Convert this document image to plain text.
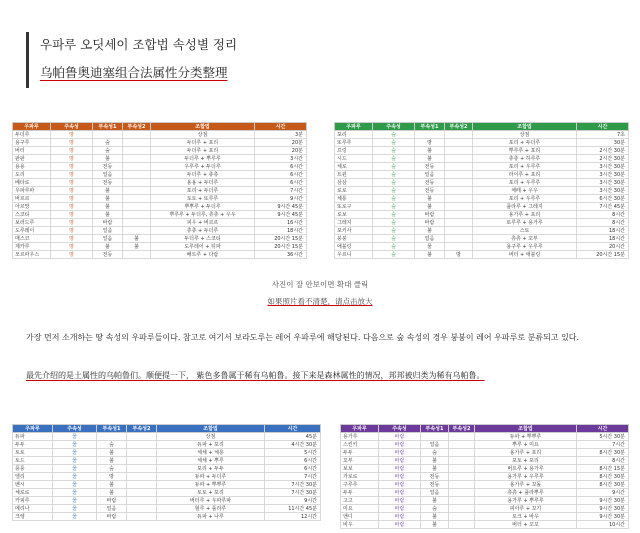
우파루 오딧세이 조합법 속성별 정리
乌帕鲁奥迪塞组合法属性分类整理
우파루	주속성	부속성1	부속성2	조합법	시간
두더루	땅			상점	3분
용구루	땅	숲		두더루 + 포리	20분
버터	땅	숲		두더루 + 포리	20분
판판	땅	불		두더루 + 뿌루루	3시간
용용	땅	전등		우루루 + 두더루	6시간
도리	땅	얼음		두더루 + 츄츄	6시간
베타로	땅	전등		용용 + 두더루	6시간
우파루파	땅	불		포리 + 두더루	7시간
버르르	땅	불		토토 + 또루루	9시간
아르망	땅	불		뿌뿌루 + 두더루	9시간 45분
스코티	땅	불		뿌루루 + 두더루, 츄츄 + 우우	9시간 45분
보러드루	땅	바람		피우 + 버르르	16시간
도루레이	땅	얼음		츄츄 + 두더루	18시간
매스코	땅	얼음	불	두더루 + 스코티	20시간 15분
제카루	땅	불	불	도루레이 + 뒤파	20시간 15분
모르파우스	땅	전등		베트루 + 다람	36시간
우파루	주속성	부속성1	부속성2	조합법	시간
포리	숲			상점	7초
또루루	숲	땅		포리 + 두더루	30분
프링	숲	불		뿌루루 + 포리	2시간 30분
시드	숲	불		츄츄 + 하루루	2시간 30분
체로	숲	전등		포리 + 우루루	3시간 30분
트윈	숲	얼음		라이루 + 포리	3시간 30분
삼삼	숲	전등		포리 + 우루루	3시간 30분
로로	숲	전등		체떼 + 우우	3시간 30분
체롱	숲	불		포리 + 우루루	6시간 30분
또로구	숲	불		플라루 + 그레지	7시간 45분
로보	숲	바람		용가루 + 포리	8시간
그레지	숲	바람		또루루 + 용가루	8시간
포키사	숲	불		스토	18시간
붕붕	숲	얼음		츄츄 + 꼬부	18시간
애블링	숲	물		용구루 + 우루루	20시간
우르니	숲	불	땅	버터 + 애블링	20시간 15분
사진이 잘 안보이면 확대 클릭
如果照片看不清楚，请点击放大
가장 먼저 소개하는 땅 속성의 우파루들이다. 참고로 여기서 보라도루는 레어 우파루에 해당된다. 다음으로 숲 속성의 경우 붕붕이 레어 우파루로 분류되고 있다.
最先介绍的是土属性的乌帕鲁们。顺便提一下， 紫色多鲁属于稀有乌帕鲁。接下来是森林属性的情况，邦邦被归类为稀有乌帕鲁。
우파루	주속성	부속성1	부속성2	조합법	시간
듀파	물			상점	45분
두두	물	숲		듀파 + 포리	4시간 30분
토토	물	불		체체 + 체롱	5시간
토드	물	불		체체 + 뿌루	6시간
풍풍	물	숲		포리 + 두두	6시간
엘리	물	땅		듀파 + 두더루	7시간
벤시	물	불		듀파 + 뿌뿌루	7시간 30분
체로로	물	불		토토 + 포리	7시간 30분
카피루	물	바람		버터루 + 우파루파	9시간
메리나	물	얼음		헐루 + 플라루	11시간 45분
크렝	물	바람		듀파 + 나루	12시간
우파루	주속성	부속성1	부속성2	조합법	시간
용가루	바람			듀파 + 뿌뿌루	5시간 30분
스킨키	바람	얼음		뿌루 + 미요	7시간
두두	바람	숲		용가루 + 포리	8시간 30분
꼬부	바람	불		포토 + 포리	8시간
보보	바람	불		버트루 + 용가루	8시간 15분
가로로	바람	전등		용가루 + 우루루	8시간 30분
구루루	바람	전등		용가루 + 꼬돌	8시간 30분
두두	바람	얼음		츄츄 + 플라뿌루	9시간
고고	바람	불		용가루 + 뿌루루	9시간 30분
미요	바람	숲		피아루 + 꼬기	9시간 30분
앤디	바람	불		토크 + 바우	9시간 30분
비우	바람	불		버터 + 꼬꼬	10시간
